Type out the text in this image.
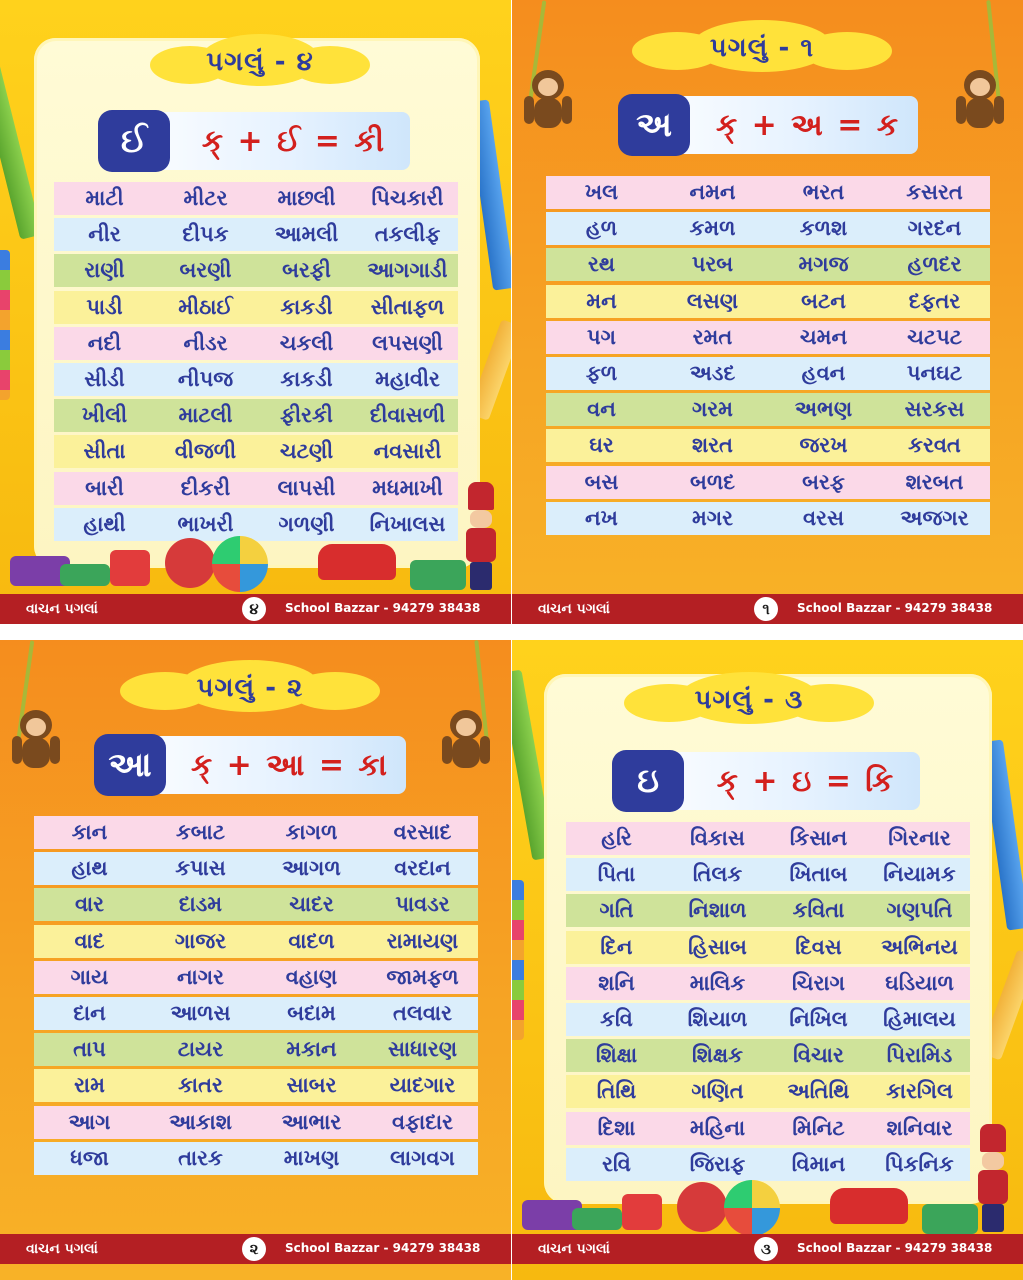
પગલું - ૪
ઈ	ક્ + ઈ = કી
માટી	મીટર	માછલી	પિચકારી
નીર	દીપક	આમલી	તકલીફ
રાણી	બરણી	બરફી	આગગાડી
પાડી	મીઠાઈ	કાકડી	સીતાફળ
નદી	નીડર	ચકલી	લપસણી
સીડી	નીપજ	કાકડી	મહાવીર
ખીલી	માટલી	ફીરકી	દીવાસળી
સીતા	વીજળી	ચટણી	નવસારી
બારી	દીકરી	લાપસી	મધમાખી
હાથી	ભાખરી	ગળણી	નિખાલસ
વાચન પગલાં	૪	School Bazzar - 94279 38438
પગલું - ૧
અ	ક્ + અ = ક
ખલ	નમન	ભરત	કસરત
હળ	કમળ	કળશ	ગરદન
રથ	પરબ	મગજ	હળદર
મન	લસણ	બટન	દફતર
પગ	રમત	ચમન	ચટપટ
ફળ	અડદ	હવન	પનઘટ
વન	ગરમ	અભણ	સરકસ
ઘર	શરત	જરખ	કરવત
બસ	બળદ	બરફ	શરબત
નખ	મગર	વરસ	અજગર
વાચન પગલાં	૧	School Bazzar - 94279 38438
પગલું - ૨
આ	ક્ + આ = કા
કાન	કબાટ	કાગળ	વરસાદ
હાથ	કપાસ	આગળ	વરદાન
વાર	દાડમ	ચાદર	પાવડર
વાદ	ગાજર	વાદળ	રામાયણ
ગાય	નાગર	વહાણ	જામફળ
દાન	આળસ	બદામ	તલવાર
તાપ	ટાયર	મકાન	સાધારણ
રામ	કાતર	સાબર	યાદગાર
આગ	આકાશ	આભાર	વફાદાર
ધજા	તારક	માખણ	લાગવગ
વાચન પગલાં	૨	School Bazzar - 94279 38438
પગલું - ૩
ઇ	ક્ + ઇ = કિ
હરિ	વિકાસ	કિસાન	ગિરનાર
પિતા	તિલક	ખિતાબ	નિયામક
ગતિ	નિશાળ	કવિતા	ગણપતિ
દિન	હિસાબ	દિવસ	અભિનય
શનિ	માલિક	ચિરાગ	ઘડિયાળ
કવિ	શિયાળ	નિખિલ	હિમાલય
શિક્ષા	શિક્ષક	વિચાર	પિરામિડ
તિથિ	ગણિત	અતિથિ	કારગિલ
દિશા	મહિના	મિનિટ	શનિવાર
રવિ	જિરાફ	વિમાન	પિકનિક
વાચન પગલાં	૩	School Bazzar - 94279 38438
